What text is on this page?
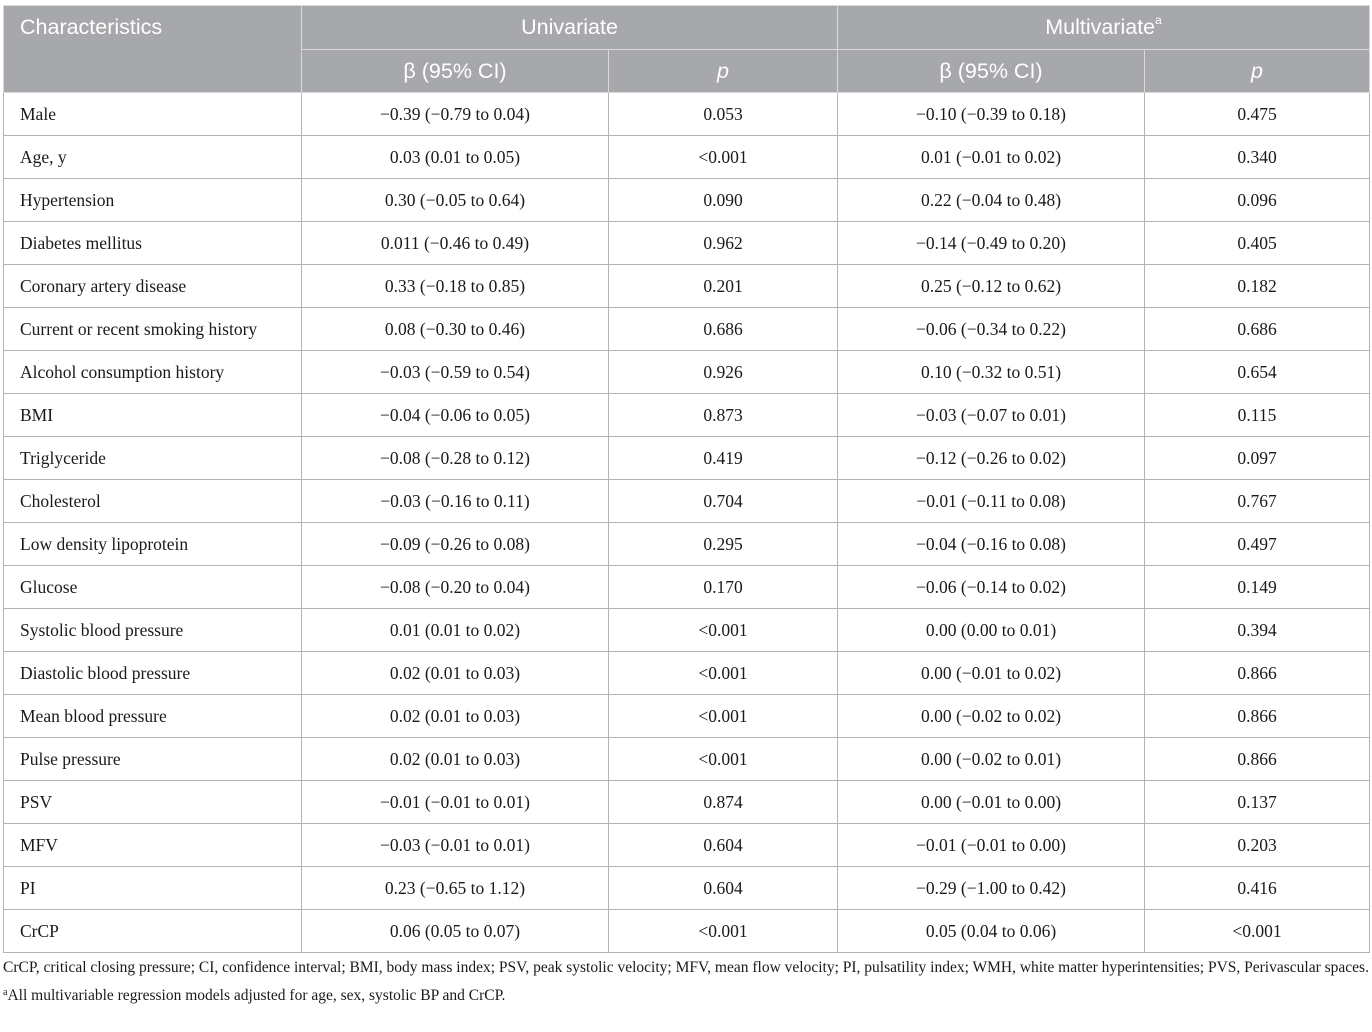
Characteristics	Univariate		Multivariate$^a$
	β (95% CI)	p	β (95% CI)	p
Male	−0.39 (−0.79 to 0.04)	0.053	−0.10 (−0.39 to 0.18)	0.475
Age, y	0.03 (0.01 to 0.05)	<0.001	0.01 (−0.01 to 0.02)	0.340
Hypertension	0.30 (−0.05 to 0.64)	0.090	0.22 (−0.04 to 0.48)	0.096
Diabetes mellitus	0.011 (−0.46 to 0.49)	0.962	−0.14 (−0.49 to 0.20)	0.405
Coronary artery disease	0.33 (−0.18 to 0.85)	0.201	0.25 (−0.12 to 0.62)	0.182
Current or recent smoking history	0.08 (−0.30 to 0.46)	0.686	−0.06 (−0.34 to 0.22)	0.686
Alcohol consumption history	−0.03 (−0.59 to 0.54)	0.926	0.10 (−0.32 to 0.51)	0.654
BMI	−0.04 (−0.06 to 0.05)	0.873	−0.03 (−0.07 to 0.01)	0.115
Triglyceride	−0.08 (−0.28 to 0.12)	0.419	−0.12 (−0.26 to 0.02)	0.097
Cholesterol	−0.03 (−0.16 to 0.11)	0.704	−0.01 (−0.11 to 0.08)	0.767
Low density lipoprotein	−0.09 (−0.26 to 0.08)	0.295	−0.04 (−0.16 to 0.08)	0.497
Glucose	−0.08 (−0.20 to 0.04)	0.170	−0.06 (−0.14 to 0.02)	0.149
Systolic blood pressure	0.01 (0.01 to 0.02)	<0.001	0.00 (0.00 to 0.01)	0.394
Diastolic blood pressure	0.02 (0.01 to 0.03)	<0.001	0.00 (−0.01 to 0.02)	0.866
Mean blood pressure	0.02 (0.01 to 0.03)	<0.001	0.00 (−0.02 to 0.02)	0.866
Pulse pressure	0.02 (0.01 to 0.03)	<0.001	0.00 (−0.02 to 0.01)	0.866
PSV	−0.01 (−0.01 to 0.01)	0.874	0.00 (−0.01 to 0.00)	0.137
MFV	−0.03 (−0.01 to 0.01)	0.604	−0.01 (−0.01 to 0.00)	0.203
PI	0.23 (−0.65 to 1.12)	0.604	−0.29 (−1.00 to 0.42)	0.416
CrCP	0.06 (0.05 to 0.07)	<0.001	0.05 (0.04 to 0.06)	<0.001

CrCP, critical closing pressure; CI, confidence interval; BMI, body mass index; PSV, peak systolic velocity; MFV, mean flow velocity; PI, pulsatility index; WMH, white matter hyperintensities; PVS, Perivascular spaces.

$^a$All multivariable regression models adjusted for age, sex, systolic BP and CrCP.
